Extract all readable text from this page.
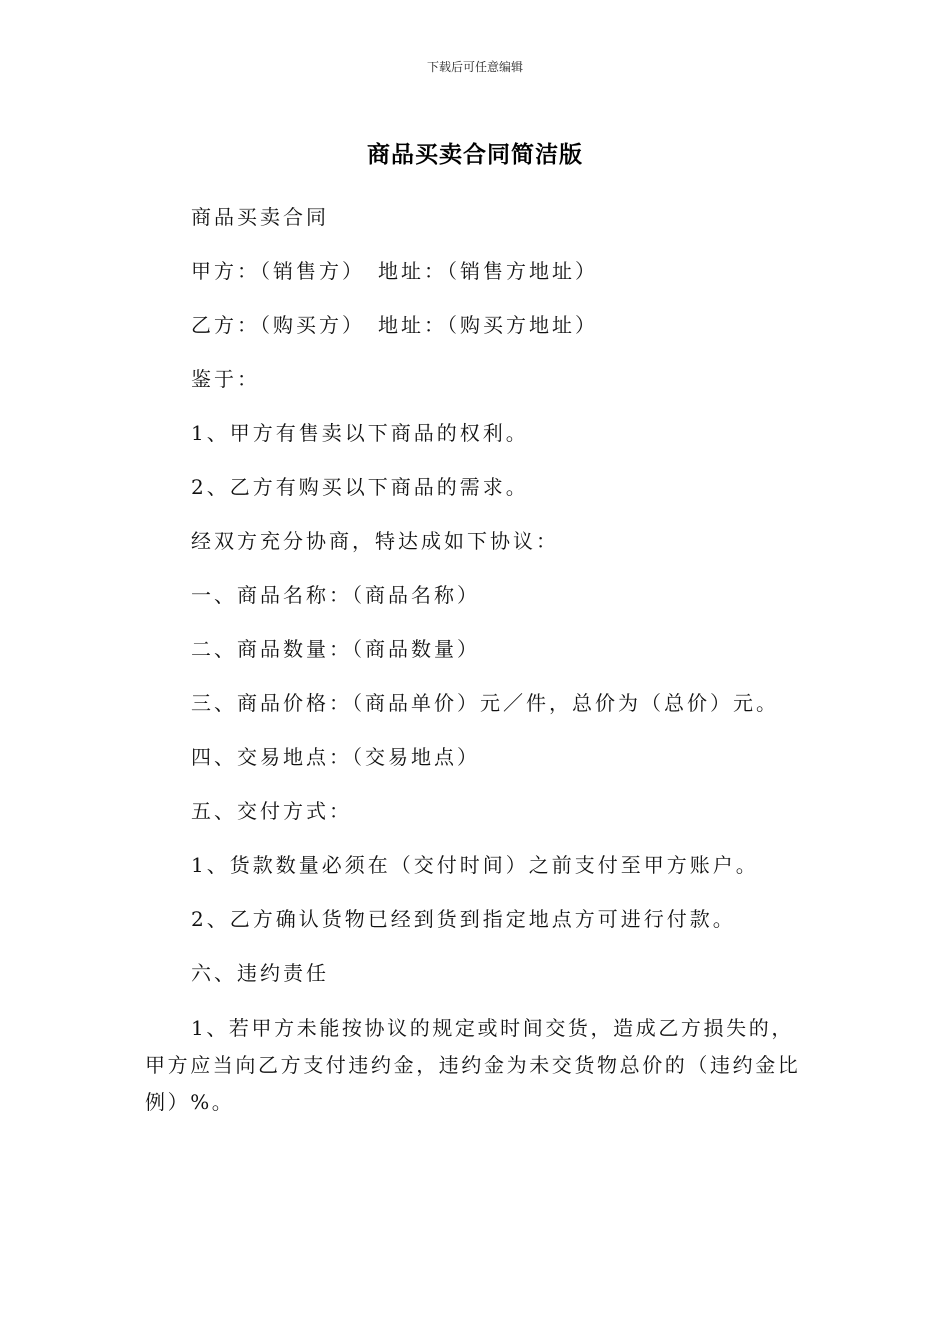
下载后可任意编辑
商品买卖合同简洁版

商品买卖合同

甲方：（销售方）　地址：（销售方地址）

乙方：（购买方）　地址：（购买方地址）

鉴于：

1、甲方有售卖以下商品的权利。

2、乙方有购买以下商品的需求。

经双方充分协商，特达成如下协议：

一、商品名称：（商品名称）

二、商品数量：（商品数量）

三、商品价格：（商品单价）元／件，总价为（总价）元。

四、交易地点：（交易地点）

五、交付方式：

1、货款数量必须在（交付时间）之前支付至甲方账户。

2、乙方确认货物已经到货到指定地点方可进行付款。

六、违约责任

1、若甲方未能按协议的规定或时间交货，造成乙方损失的，甲方应当向乙方支付违约金，违约金为未交货物总价的（违约金比例）%。
